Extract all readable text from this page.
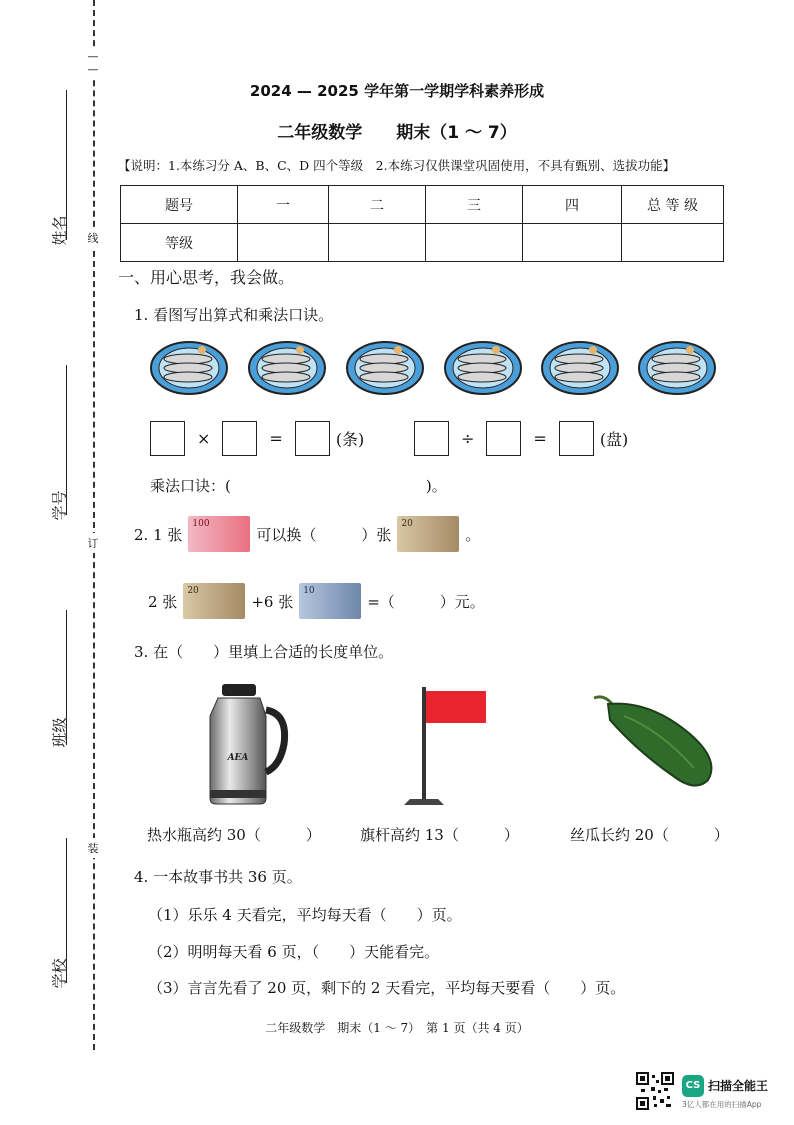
— —
线
订
装
姓名
学号
班级
学校
2024 — 2025 学年第一学期学科素养形成
二年级数学　　期末（1 ～ 7）
【说明：1.本练习分 A、B、C、D 四个等级　2.本练习仅供课堂巩固使用，不具有甄别、选拔功能】
题号	一	二	三	四	总 等 级
等级					
一、用心思考，我会做。
1. 看图写出算式和乘法口诀。
×	=	(条)	÷	=	(盘)
乘法口诀：(　　　　　　　　　　　　　)。
2. 1 张
100
可以换（　　　）张
20
。
2 张
20
+6 张
10
=（　　　）元。
3. 在（　　）里填上合适的长度单位。
AEA
热水瓶高约 30（　　　）	旗杆高约 13（　　　）	丝瓜长约 20（　　　）
4. 一本故事书共 36 页。
（1）乐乐 4 天看完，平均每天看（　　）页。
（2）明明每天看 6 页，（　　）天能看完。
（3）言言先看了 20 页，剩下的 2 天看完，平均每天要看（　　）页。
二年级数学　期末（1 ～ 7）　第 1 页（共 4 页）
CS 扫描全能王
3亿人都在用的扫描App
